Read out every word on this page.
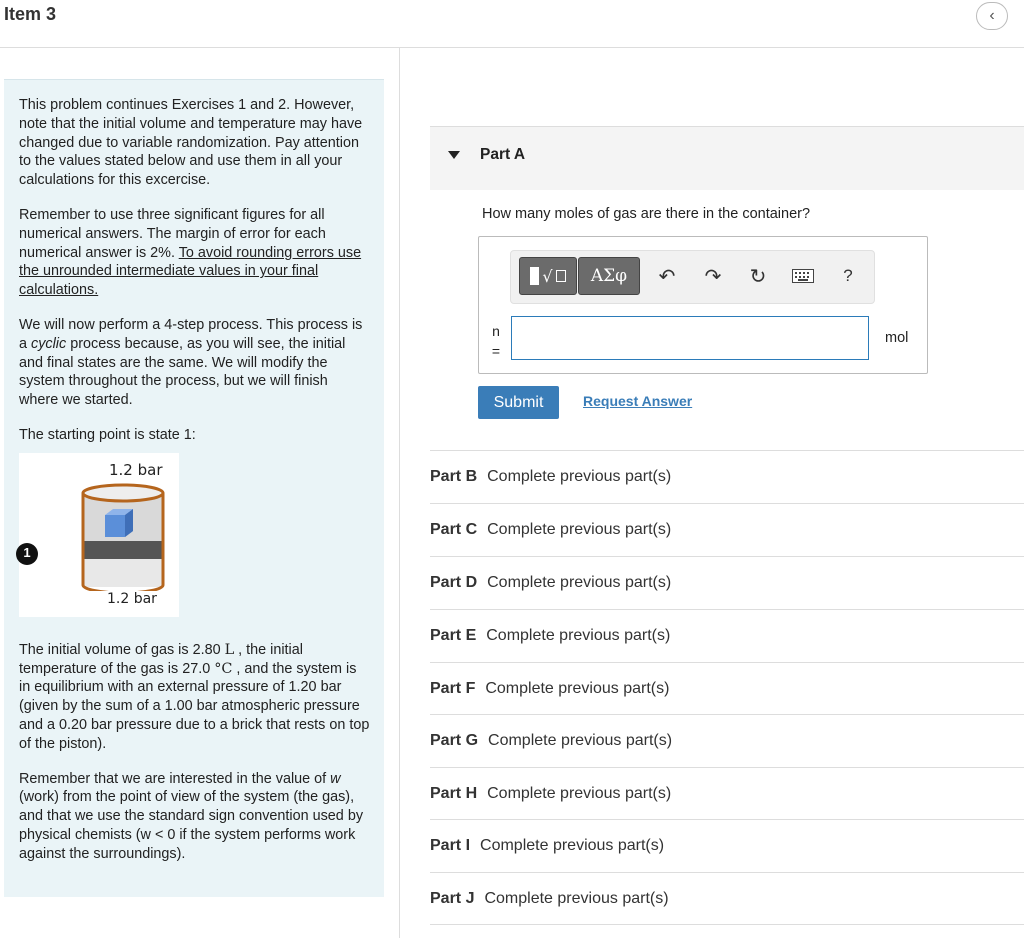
Item 3	‹

This problem continues Exercises 1 and 2. However, note that the initial volume and temperature may have changed due to variable randomization. Pay attention to the values stated below and use them in all your calculations for this excercise.

Remember to use three significant figures for all numerical answers. The margin of error for each numerical answer is 2%. To avoid rounding errors use the unrounded intermediate values in your final calculations.

We will now perform a 4-step process. This process is a cyclic process because, as you will see, the initial and final states are the same. We will modify the system throughout the process, but we will finish where we started.

The starting point is state 1:

1
1.2 bar
1.2 bar

The initial volume of gas is 2.80 L , the initial temperature of the gas is 27.0 °C , and the system is in equilibrium with an external pressure of 1.20 bar (given by the sum of a 1.00 bar atmospheric pressure and a 0.20 bar pressure due to a brick that rests on top of the piston).

Remember that we are interested in the value of w (work) from the point of view of the system (the gas), and that we use the standard sign convention used by physical chemists (w < 0 if the system performs work against the surroundings).

Part A
How many moles of gas are there in the container?
√	ΑΣφ	↶ ↷ ↻	?
n
=
mol
Submit	Request Answer
Part B Complete previous part(s)
Part C Complete previous part(s)
Part D Complete previous part(s)
Part E Complete previous part(s)
Part F Complete previous part(s)
Part G Complete previous part(s)
Part H Complete previous part(s)
Part I Complete previous part(s)
Part J Complete previous part(s)
